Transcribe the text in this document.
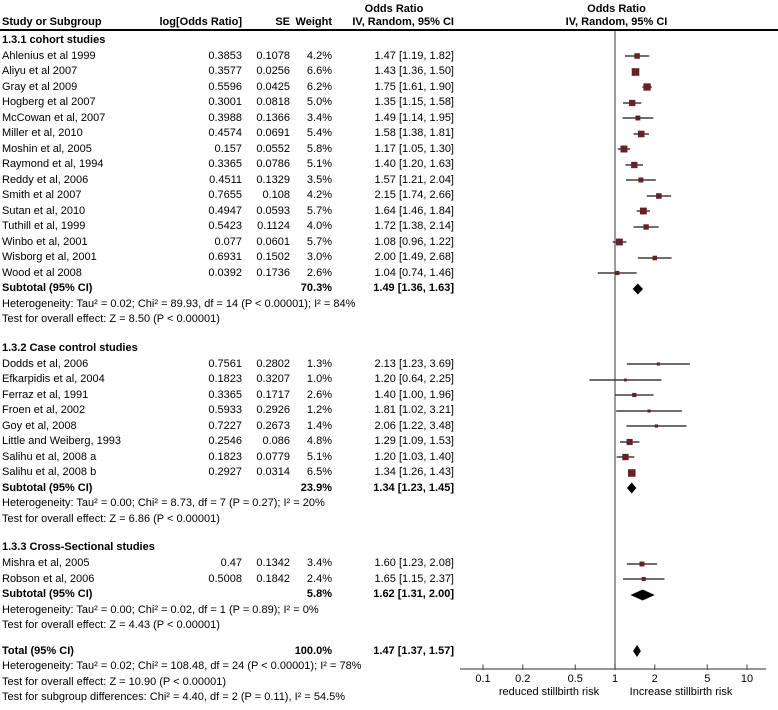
Odds Ratio	Odds Ratio
Study or Subgroup	log[Odds Ratio]	SE Weight	IV, Random, 95% CI	IV, Random, 95% CI
1.3.1 cohort studies
Ahlenius et al 1999	0.3853	0.1078	4.2%	1.47 [1.19, 1.82]
Aliyu et al 2007	0.3577	0.0256	6.6%	1.43 [1.36, 1.50]
Gray et al 2009	0.5596	0.0425	6.2%	1.75 [1.61, 1.90]
Hogberg et al 2007	0.3001	0.0818	5.0%	1.35 [1.15, 1.58]
McCowan et al, 2007	0.3988	0.1366	3.4%	1.49 [1.14, 1.95]
Miller et al, 2010	0.4574	0.0691	5.4%	1.58 [1.38, 1.81]
Moshin et al, 2005	0.157	0.0552	5.8%	1.17 [1.05, 1.30]
Raymond et al, 1994	0.3365	0.0786	5.1%	1.40 [1.20, 1.63]
Reddy et al, 2006	0.4511	0.1329	3.5%	1.57 [1.21, 2.04]
Smith et al 2007	0.7655	0.108	4.2%	2.15 [1.74, 2.66]
Sutan et al, 2010	0.4947	0.0593	5.7%	1.64 [1.46, 1.84]
Tuthill et al, 1999	0.5423	0.1124	4.0%	1.72 [1.38, 2.14]
Winbo et al, 2001	0.077	0.0601	5.7%	1.08 [0.96, 1.22]
Wisborg et al, 2001	0.6931	0.1502	3.0%	2.00 [1.49, 2.68]
Wood et al 2008	0.0392	0.1736	2.6%	1.04 [0.74, 1.46]
Subtotal (95% CI)	70.3%	1.49 [1.36, 1.63]
Heterogeneity: Tau² = 0.02; Chi² = 89.93, df = 14 (P < 0.00001); I² = 84%
Test for overall effect: Z = 8.50 (P < 0.00001)
1.3.2 Case control studies
Dodds et al, 2006	0.7561	0.2802	1.3%	2.13 [1.23, 3.69]
Efkarpidis et al, 2004	0.1823	0.3207	1.0%	1.20 [0.64, 2.25]
Ferraz et al, 1991	0.3365	0.1717	2.6%	1.40 [1.00, 1.96]
Froen et al, 2002	0.5933	0.2926	1.2%	1.81 [1.02, 3.21]
Goy et al, 2008	0.7227	0.2673	1.4%	2.06 [1.22, 3.48]
Little and Weiberg, 1993	0.2546	0.086	4.8%	1.29 [1.09, 1.53]
Salihu et al, 2008 a	0.1823	0.0779	5.1%	1.20 [1.03, 1.40]
Salihu et al, 2008 b	0.2927	0.0314	6.5%	1.34 [1.26, 1.43]
Subtotal (95% CI)	23.9%	1.34 [1.23, 1.45]
Heterogeneity: Tau² = 0.00; Chi² = 8.73, df = 7 (P = 0.27); I² = 20%
Test for overall effect: Z = 6.86 (P < 0.00001)
1.3.3 Cross-Sectional studies
Mishra et al, 2005	0.47	0.1342	3.4%	1.60 [1.23, 2.08]
Robson et al, 2006	0.5008	0.1842	2.4%	1.65 [1.15, 2.37]
Subtotal (95% CI)	5.8%	1.62 [1.31, 2.00]
Heterogeneity: Tau² = 0.00; Chi² = 0.02, df = 1 (P = 0.89); I² = 0%
Test for overall effect: Z = 4.43 (P < 0.00001)
Total (95% CI)	100.0%	1.47 [1.37, 1.57]
Heterogeneity: Tau² = 0.02; Chi² = 108.48, df = 24 (P < 0.00001); I² = 78%
Test for overall effect: Z = 10.90 (P < 0.00001)
Test for subgroup differences: Chi² = 4.40, df = 2 (P = 0.11), I² = 54.5%
0.1 0.2	0.5	1	2	5	10
reduced stillbirth risk	Increase stillbirth risk
